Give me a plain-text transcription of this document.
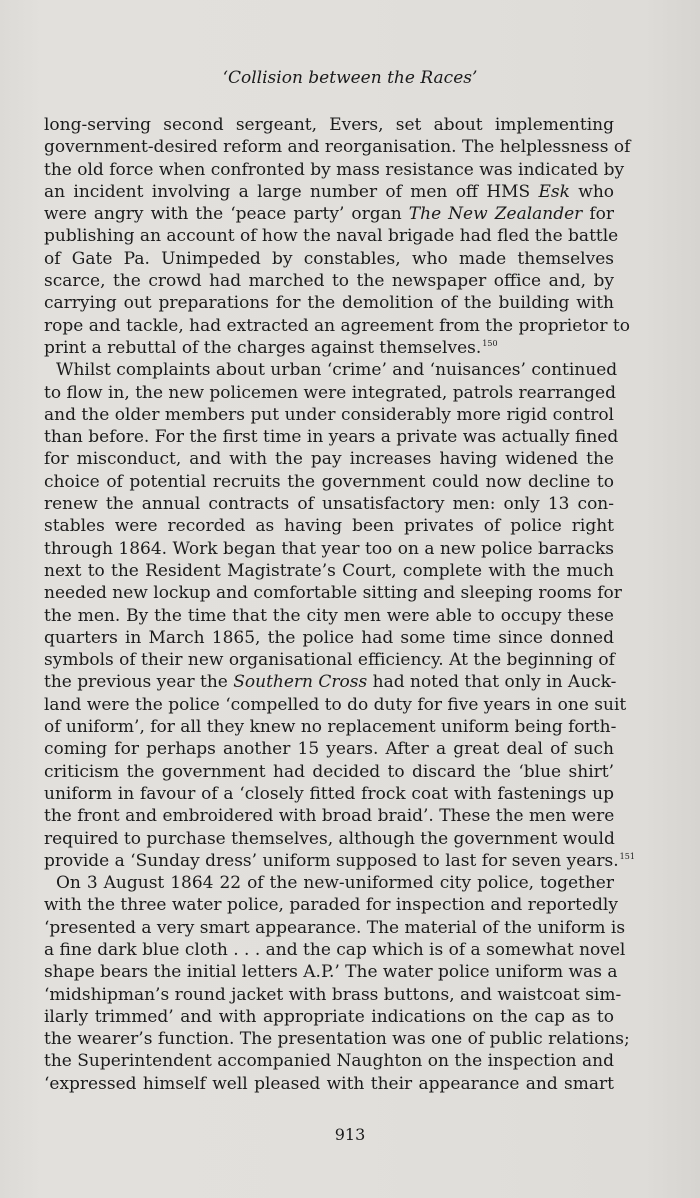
‘Collision between the Races’
long-serving second sergeant, Evers, set about implementing
government-desired reform and reorganisation. The helplessness of
the old force when confronted by mass resistance was indicated by
an incident involving a large number of men off HMS Esk who
were angry with the ‘peace party’ organ The New Zealander for
publishing an account of how the naval brigade had fled the battle
of Gate Pa. Unimpeded by constables, who made themselves
scarce, the crowd had marched to the newspaper office and, by
carrying out preparations for the demolition of the building with
rope and tackle, had extracted an agreement from the proprietor to
print a rebuttal of the charges against themselves.$^{150}$
Whilst complaints about urban ‘crime’ and ‘nuisances’ continued
to flow in, the new policemen were integrated, patrols rearranged
and the older members put under considerably more rigid control
than before. For the first time in years a private was actually fined
for misconduct, and with the pay increases having widened the
choice of potential recruits the government could now decline to
renew the annual contracts of unsatisfactory men: only 13 con-
stables were recorded as having been privates of police right
through 1864. Work began that year too on a new police barracks
next to the Resident Magistrate’s Court, complete with the much
needed new lockup and comfortable sitting and sleeping rooms for
the men. By the time that the city men were able to occupy these
quarters in March 1865, the police had some time since donned
symbols of their new organisational efficiency. At the beginning of
the previous year the Southern Cross had noted that only in Auck-
land were the police ‘compelled to do duty for five years in one suit
of uniform’, for all they knew no replacement uniform being forth-
coming for perhaps another 15 years. After a great deal of such
criticism the government had decided to discard the ‘blue shirt’
uniform in favour of a ‘closely fitted frock coat with fastenings up
the front and embroidered with broad braid’. These the men were
required to purchase themselves, although the government would
provide a ‘Sunday dress’ uniform supposed to last for seven years.$^{151}$
On 3 August 1864 22 of the new-uniformed city police, together
with the three water police, paraded for inspection and reportedly
‘presented a very smart appearance. The material of the uniform is
a fine dark blue cloth . . . and the cap which is of a somewhat novel
shape bears the initial letters A.P.’ The water police uniform was a
‘midshipman’s round jacket with brass buttons, and waistcoat sim-
ilarly trimmed’ and with appropriate indications on the cap as to
the wearer’s function. The presentation was one of public relations;
the Superintendent accompanied Naughton on the inspection and
‘expressed himself well pleased with their appearance and smart
913
